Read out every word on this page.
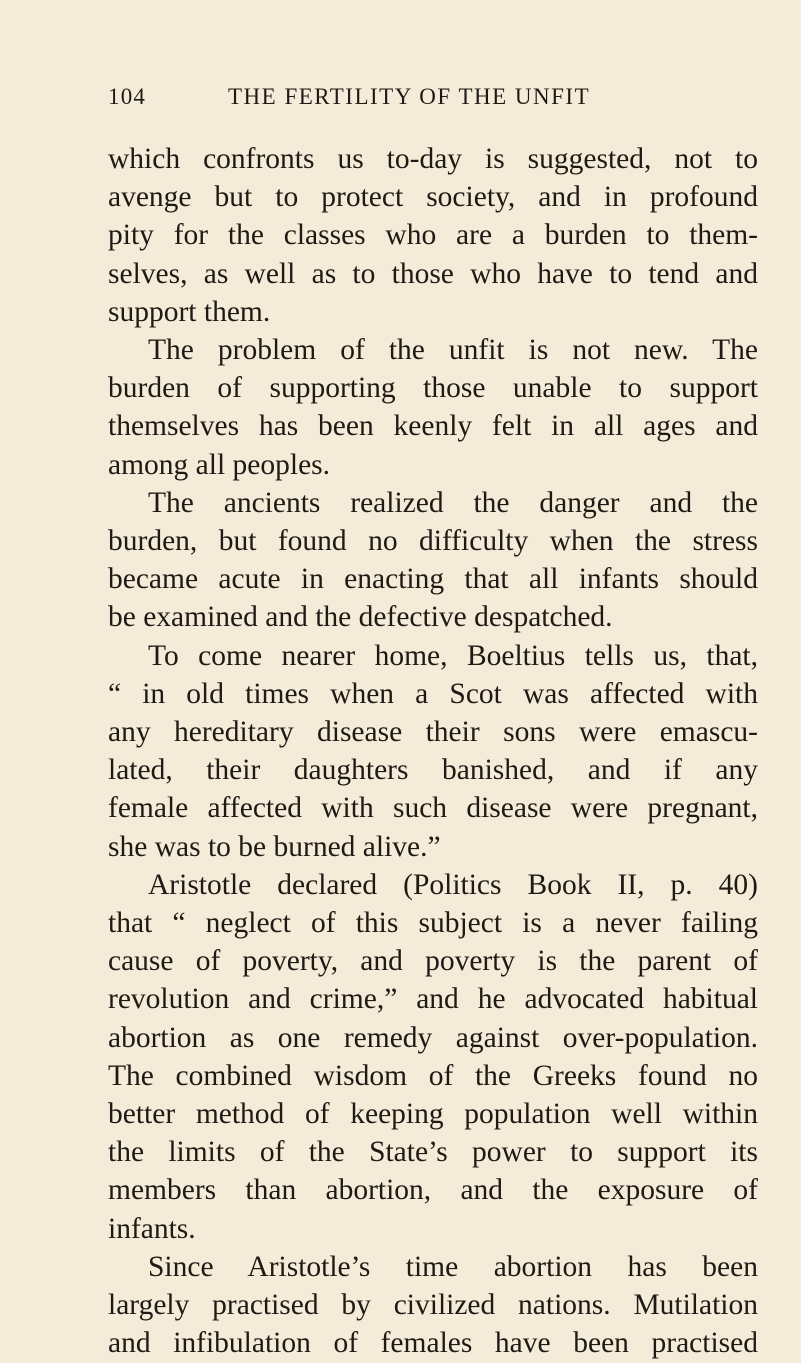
104	THE FERTILITY OF THE UNFIT
which confronts us to-day is suggested, not to
avenge but to protect society, and in profound
pity for the classes who are a burden to them-
selves, as well as to those who have to tend and
support them.
The problem of the unfit is not new. The
burden of supporting those unable to support
themselves has been keenly felt in all ages and
among all peoples.
The ancients realized the danger and the
burden, but found no difficulty when the stress
became acute in enacting that all infants should
be examined and the defective despatched.
To come nearer home, Boeltius tells us, that,
“ in old times when a Scot was affected with
any hereditary disease their sons were emascu-
lated, their daughters banished, and if any
female affected with such disease were pregnant,
she was to be burned alive.”
Aristotle declared (Politics Book II, p. 40)
that “ neglect of this subject is a never failing
cause of poverty, and poverty is the parent of
revolution and crime,” and he advocated habitual
abortion as one remedy against over-population.
The combined wisdom of the Greeks found no
better method of keeping population well within
the limits of the State’s power to support its
members than abortion, and the exposure of
infants.
Since Aristotle’s time abortion has been
largely practised by civilized nations. Mutilation
and infibulation of females have been practised
